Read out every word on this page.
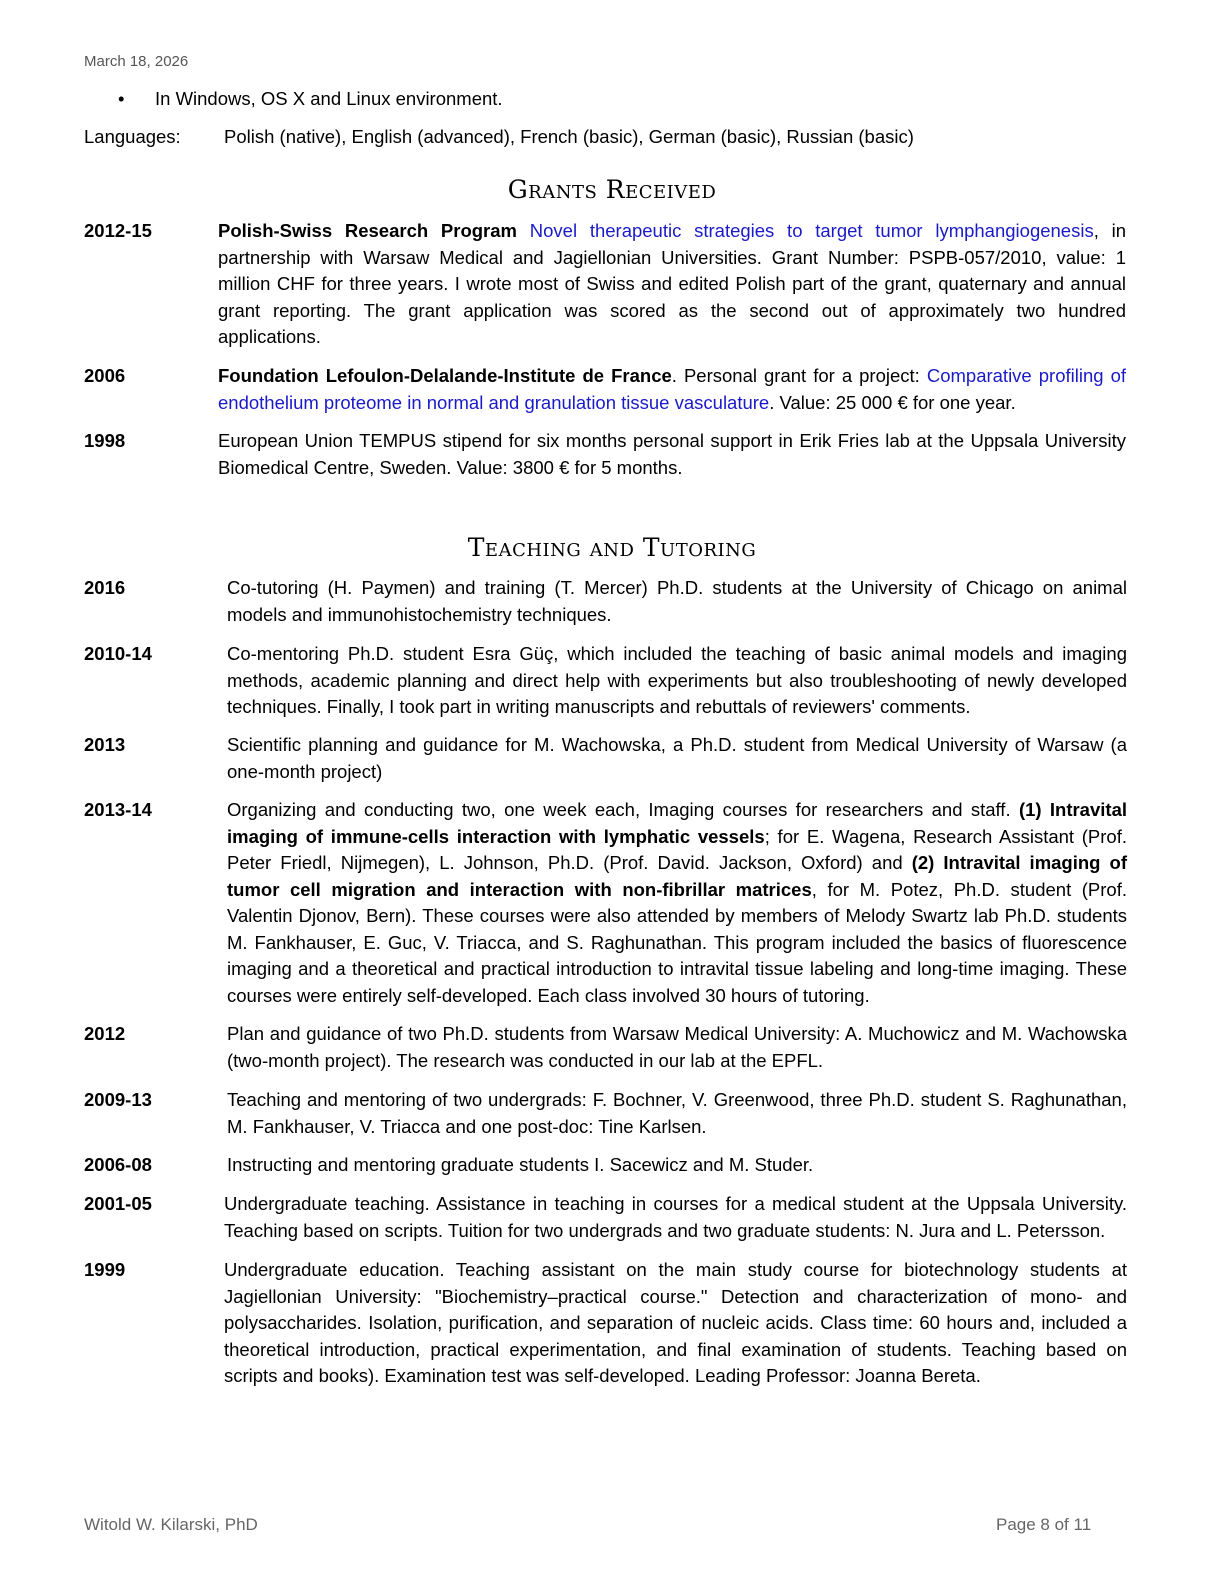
March 18, 2026
• In Windows, OS X and Linux environment.
Languages: Polish (native), English (advanced), French (basic), German (basic), Russian (basic)
Grants Received
2012-15	Polish-Swiss Research Program Novel therapeutic strategies to target tumor lymphangiogenesis, in partnership with Warsaw Medical and Jagiellonian Universities. Grant Number: PSPB-057/2010, value: 1 million CHF for three years. I wrote most of Swiss and edited Polish part of the grant, quaternary and annual grant reporting. The grant application was scored as the second out of approximately two hundred applications.
2006	Foundation Lefoulon-Delalande-Institute de France. Personal grant for a project: Comparative profiling of endothelium proteome in normal and granulation tissue vasculature. Value: 25 000 € for one year.
1998	European Union TEMPUS stipend for six months personal support in Erik Fries lab at the Uppsala University Biomedical Centre, Sweden. Value: 3800 € for 5 months.
Teaching and Tutoring
2016	Co-tutoring (H. Paymen) and training (T. Mercer) Ph.D. students at the University of Chicago on animal models and immunohistochemistry techniques.
2010-14	Co-mentoring Ph.D. student Esra Güç, which included the teaching of basic animal models and imaging methods, academic planning and direct help with experiments but also troubleshooting of newly developed techniques. Finally, I took part in writing manuscripts and rebuttals of reviewers' comments.
2013	Scientific planning and guidance for M. Wachowska, a Ph.D. student from Medical University of Warsaw (a one-month project)
2013-14	Organizing and conducting two, one week each, Imaging courses for researchers and staff. (1) Intravital imaging of immune-cells interaction with lymphatic vessels; for E. Wagena, Research Assistant (Prof. Peter Friedl, Nijmegen), L. Johnson, Ph.D. (Prof. David. Jackson, Oxford) and (2) Intravital imaging of tumor cell migration and interaction with non-fibrillar matrices, for M. Potez, Ph.D. student (Prof. Valentin Djonov, Bern). These courses were also attended by members of Melody Swartz lab Ph.D. students M. Fankhauser, E. Guc, V. Triacca, and S. Raghunathan. This program included the basics of fluorescence imaging and a theoretical and practical introduction to intravital tissue labeling and long-time imaging. These courses were entirely self-developed. Each class involved 30 hours of tutoring.
2012	Plan and guidance of two Ph.D. students from Warsaw Medical University: A. Muchowicz and M. Wachowska (two-month project). The research was conducted in our lab at the EPFL.
2009-13	Teaching and mentoring of two undergrads: F. Bochner, V. Greenwood, three Ph.D. student S. Raghunathan, M. Fankhauser, V. Triacca and one post-doc: Tine Karlsen.
2006-08	Instructing and mentoring graduate students I. Sacewicz and M. Studer.
2001-05	Undergraduate teaching. Assistance in teaching in courses for a medical student at the Uppsala University. Teaching based on scripts. Tuition for two undergrads and two graduate students: N. Jura and L. Petersson.
1999	Undergraduate education. Teaching assistant on the main study course for biotechnology students at Jagiellonian University: "Biochemistry–practical course." Detection and characterization of mono- and polysaccharides. Isolation, purification, and separation of nucleic acids. Class time: 60 hours and, included a theoretical introduction, practical experimentation, and final examination of students. Teaching based on scripts and books). Examination test was self-developed. Leading Professor: Joanna Bereta.
Witold W. Kilarski, PhD	Page 8 of 11
